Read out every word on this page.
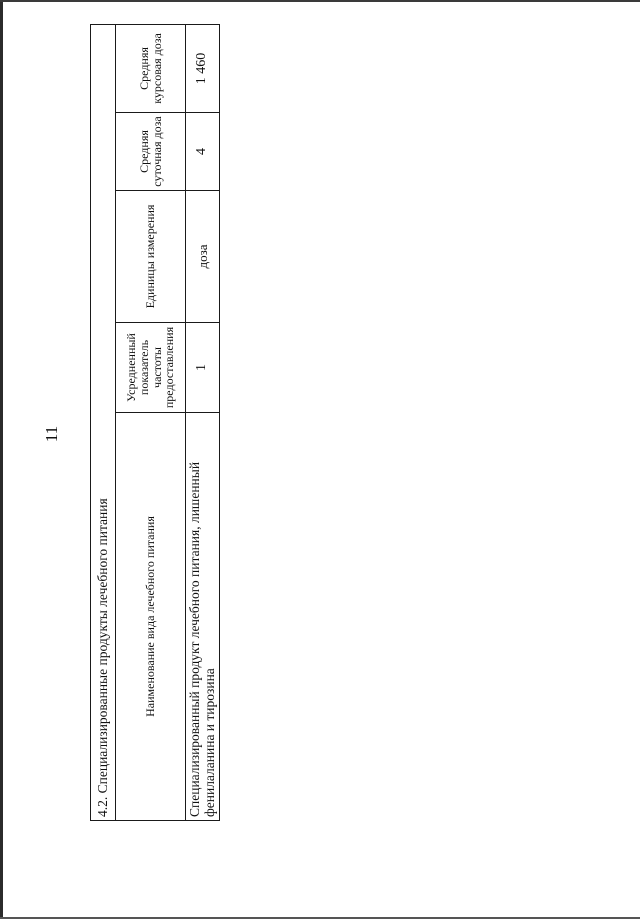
11
4.2. Специализированные продукты лечебного питания				
Наименование вида лечебного питания	Усредненный показатель частоты предоставления	Единицы измерения	Средняя суточная доза	Средняя курсовая доза
Специализированный продукт лечебного питания, лишенный фенилаланина и тирозина	1	доза	4	1 460
